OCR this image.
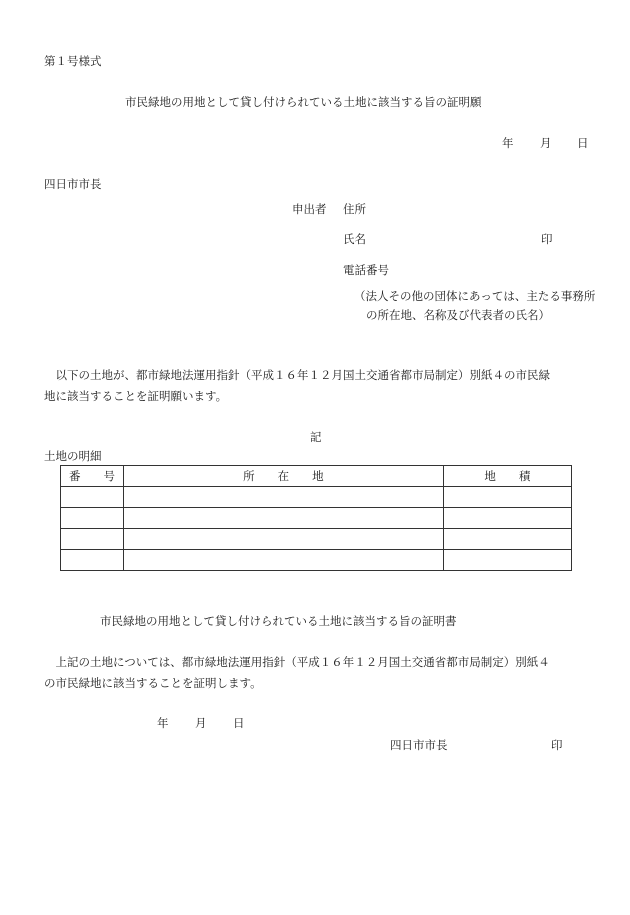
第１号様式
市民緑地の用地として貸し付けられている土地に該当する旨の証明願
年 月 日
四日市市長
申出者 住所
氏名	印
電話番号
（法人その他の団体にあっては、主たる事務所
の所在地、名称及び代表者の氏名）
　以下の土地が、都市緑地法運用指針（平成１６年１２月国土交通省都市局制定）別紙４の市民緑
地に該当することを証明願います。
記
土地の明細
番　　号	所　　在　　地	地　　積

市民緑地の用地として貸し付けられている土地に該当する旨の証明書
　上記の土地については、都市緑地法運用指針（平成１６年１２月国土交通省都市局制定）別紙４
の市民緑地に該当することを証明します。
年 月 日
四日市市長	印
